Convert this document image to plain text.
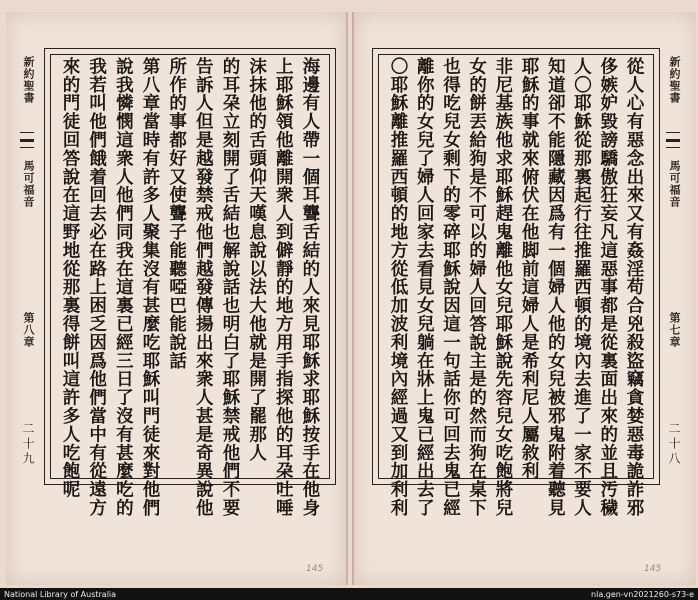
新約聖書
馬可福音
第七章
二十八
從人心有惡念出來又有姦淫苟合兇殺盜竊貪婪惡毒詭詐邪
侈嫉妒毀謗驕傲狂妄凡這惡事都是從裏面出來的並且汚穢
人〇耶穌從那裏起行往推羅西頓的境內去進了一家不要人
知道卻不能隱藏因爲有一個婦人他的女兒被邪鬼附着聽見
耶穌的事就來俯伏在他脚前這婦人是希利尼人屬敘利
非尼基族他求耶穌趕鬼離他女兒耶穌說先容兒女吃飽將兒
女的餅丟給狗是不可以的婦人回答說主是的然而狗在桌下
也得吃兒女剩下的零碎耶穌說因這一句話你可回去鬼已經
離你的女兒了婦人回家去看見女兒躺在牀上鬼已經出去了
〇耶穌離推羅西頓的地方從低加波利境內經過又到加利利
145
新約聖書
馬可福音
第八章
二十九	海邊有人帶一個耳聾舌結的人來見耶穌求耶穌按手在他身
上耶穌領他離開衆人到僻靜的地方用手指探他的耳朶吐唾
沫抹他的舌頭仰天嘆息說以法大他就是開了罷那人
的耳朶立刻開了舌結也解說話也明白了耶穌禁戒他們不要
告訴人但是越發禁戒他們越發傳揚出來衆人甚是奇異說他
所作的事都好又使聾子能聽啞巴能說話
第八章當時有許多人聚集沒有甚麼吃耶穌叫門徒來對他們
說我憐憫這衆人他們同我在這裏已經三日了沒有甚麼吃的
我若叫他們餓着回去必在路上困乏因爲他們當中有從遠方
來的門徒回答說在這野地從那裏得餅叫這許多人吃飽呢
145
National Library of Australia	nla.gen-vn2021260-s73-e
